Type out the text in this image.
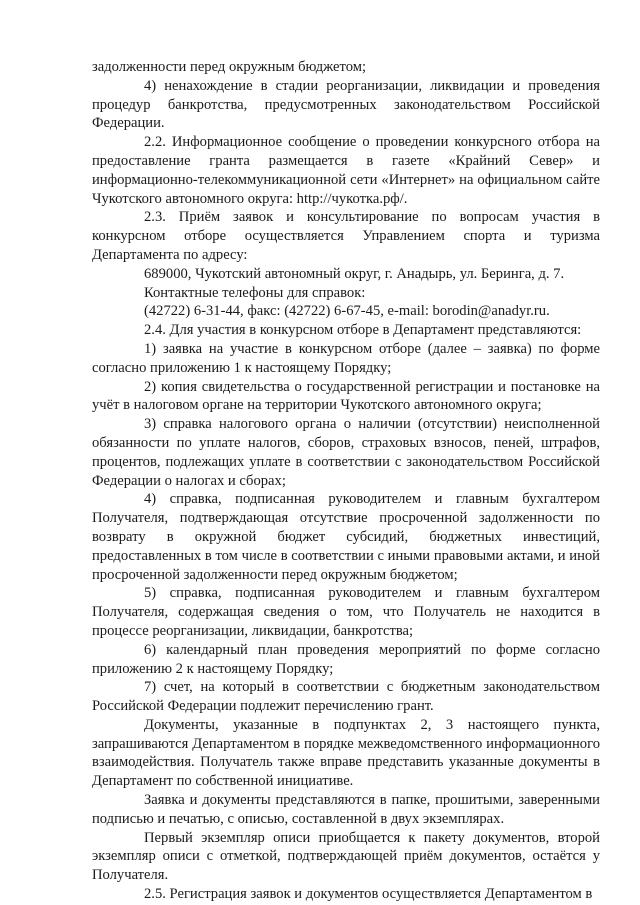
задолженности перед окружным бюджетом;

4) ненахождение в стадии реорганизации, ликвидации и проведения процедур банкротства, предусмотренных законодательством Российской Федерации.

2.2. Информационное сообщение о проведении конкурсного отбора на предоставление гранта размещается в газете «Крайний Север» и информационно-телекоммуникационной сети «Интернет» на официальном сайте Чукотского автономного округа: http://чукотка.рф/.

2.3. Приём заявок и консультирование по вопросам участия в конкурсном отборе осуществляется Управлением спорта и туризма Департамента по адресу:

689000, Чукотский автономный округ, г. Анадырь, ул. Беринга, д. 7.

Контактные телефоны для справок:

(42722) 6-31-44, факс: (42722) 6-67-45, e-mail: borodin@anadyr.ru.

2.4. Для участия в конкурсном отборе в Департамент представляются:

1) заявка на участие в конкурсном отборе (далее – заявка) по форме согласно приложению 1 к настоящему Порядку;

2) копия свидетельства о государственной регистрации и постановке на учёт в налоговом органе на территории Чукотского автономного округа;

3) справка налогового органа о наличии (отсутствии) неисполненной обязанности по уплате налогов, сборов, страховых взносов, пеней, штрафов, процентов, подлежащих уплате в соответствии с законодательством Российской Федерации о налогах и сборах;

4) справка, подписанная руководителем и главным бухгалтером Получателя, подтверждающая отсутствие просроченной задолженности по возврату в окружной бюджет субсидий, бюджетных инвестиций, предоставленных в том числе в соответствии с иными правовыми актами, и иной просроченной задолженности перед окружным бюджетом;

5) справка, подписанная руководителем и главным бухгалтером Получателя, содержащая сведения о том, что Получатель не находится в процессе реорганизации, ликвидации, банкротства;

6) календарный план проведения мероприятий по форме согласно приложению 2 к настоящему Порядку;

7) счет, на который в соответствии с бюджетным законодательством Российской Федерации подлежит перечислению грант.

Документы, указанные в подпунктах 2, 3 настоящего пункта, запрашиваются Департаментом в порядке межведомственного информационного взаимодействия. Получатель также вправе представить указанные документы в Департамент по собственной инициативе.

Заявка и документы представляются в папке, прошитыми, заверенными подписью и печатью, с описью, составленной в двух экземплярах.

Первый экземпляр описи приобщается к пакету документов, второй экземпляр описи с отметкой, подтверждающей приём документов, остаётся у Получателя.

2.5. Регистрация заявок и документов осуществляется Департаментом в
